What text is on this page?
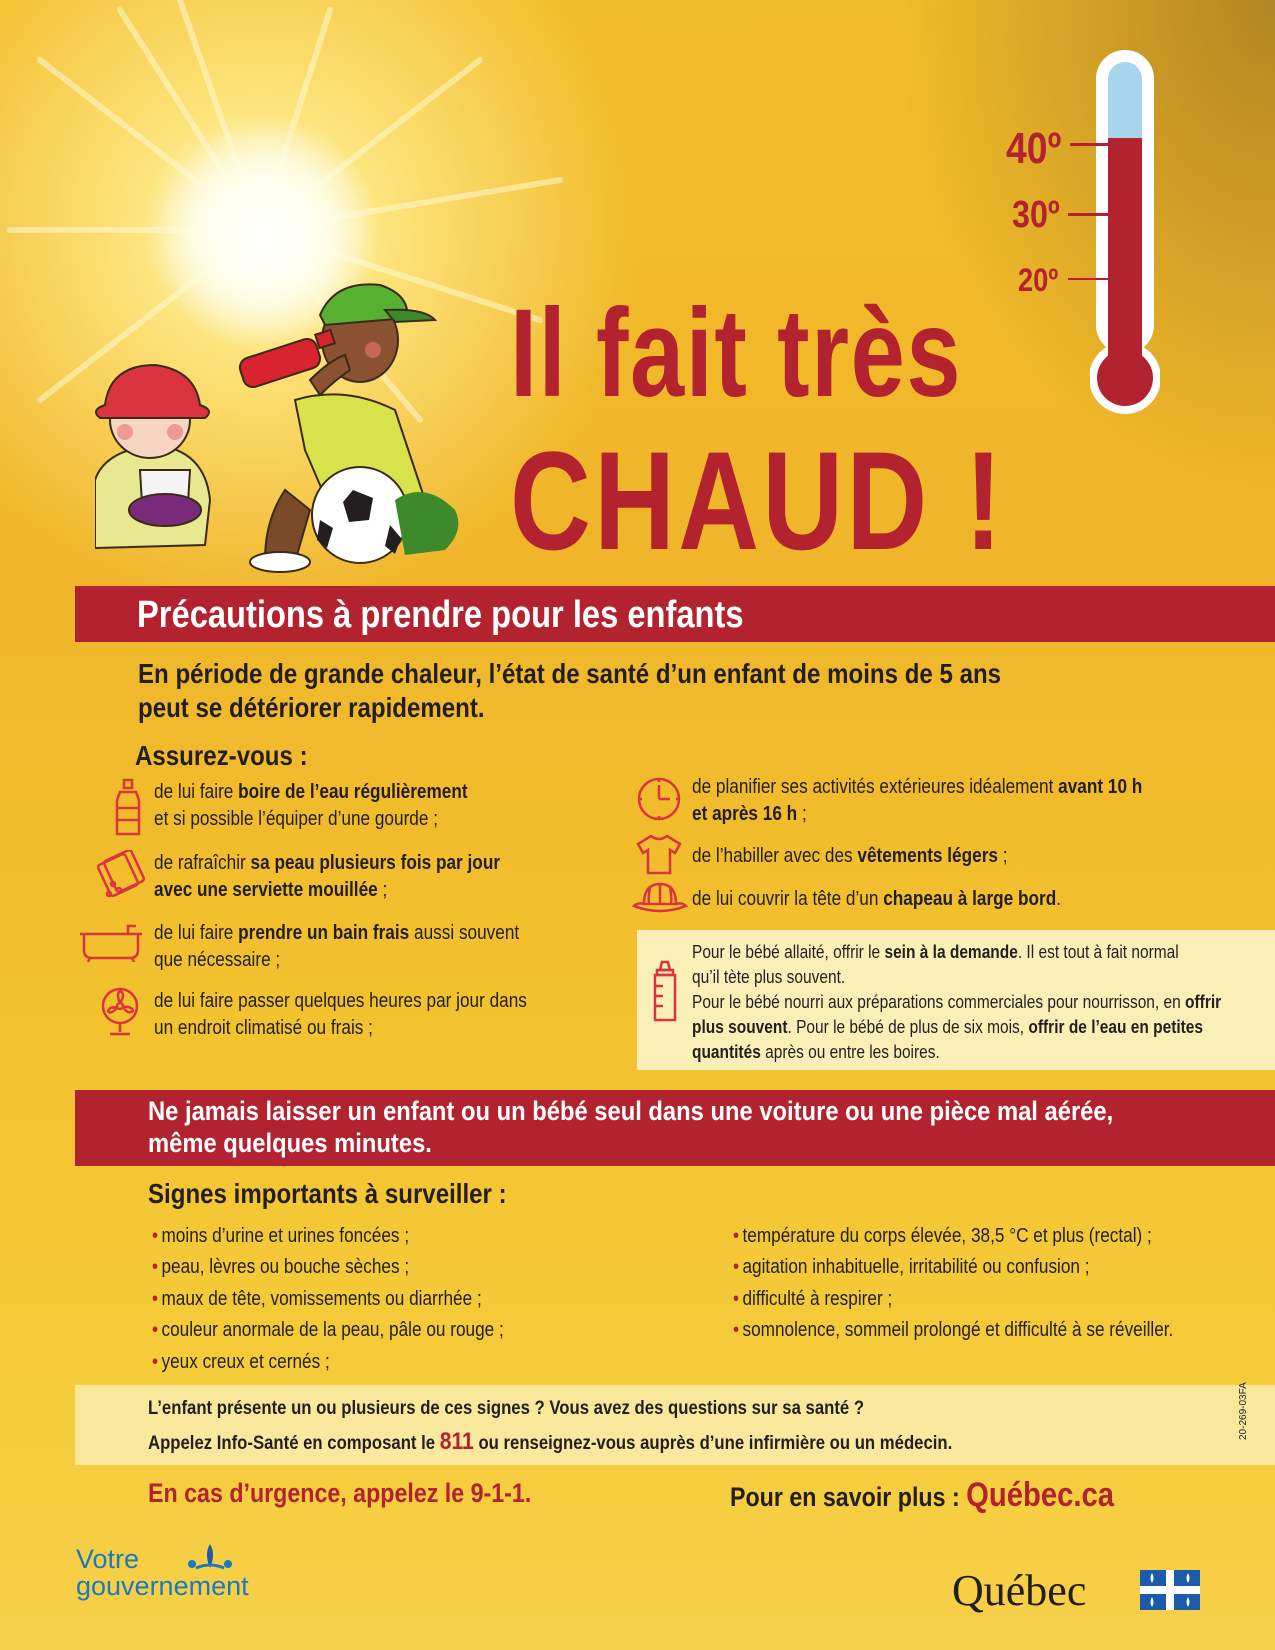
Il fait très
CHAUD !
40º
30º
20º
Précautions à prendre pour les enfants
En période de grande chaleur, l’état de santé d’un enfant de moins de 5 ans
peut se détériorer rapidement.
Assurez-vous :
de lui faire boire de l’eau régulièrement
et si possible l’équiper d’une gourde ;
de rafraîchir sa peau plusieurs fois par jour
avec une serviette mouillée ;
de lui faire prendre un bain frais aussi souvent
que nécessaire ;
de lui faire passer quelques heures par jour dans
un endroit climatisé ou frais ;
de planifier ses activités extérieures idéalement avant 10 h
et après 16 h ;
de l’habiller avec des vêtements légers ;
de lui couvrir la tête d’un chapeau à large bord.
Pour le bébé allaité, offrir le sein à la demande. Il est tout à fait normal
qu’il tète plus souvent.
Pour le bébé nourri aux préparations commerciales pour nourrisson, en offrir
plus souvent. Pour le bébé de plus de six mois, offrir de l’eau en petites
quantités après ou entre les boires.
Ne jamais laisser un enfant ou un bébé seul dans une voiture ou une pièce mal aérée,
même quelques minutes.
Signes importants à surveiller :
• moins d’urine et urines foncées ;
• peau, lèvres ou bouche sèches ;
• maux de tête, vomissements ou diarrhée ;
• couleur anormale de la peau, pâle ou rouge ;
• yeux creux et cernés ;
• température du corps élevée, 38,5 °C et plus (rectal) ;
• agitation inhabituelle, irritabilité ou confusion ;
• difficulté à respirer ;
• somnolence, sommeil prolongé et difficulté à se réveiller.
L’enfant présente un ou plusieurs de ces signes ? Vous avez des questions sur sa santé ?
Appelez Info-Santé en composant le 811 ou renseignez-vous auprès d’une infirmière ou un médecin.
En cas d’urgence, appelez le 9-1-1.	Pour en savoir plus : Québec.ca
20-269-03FA
Votre
gouvernement	Québec
